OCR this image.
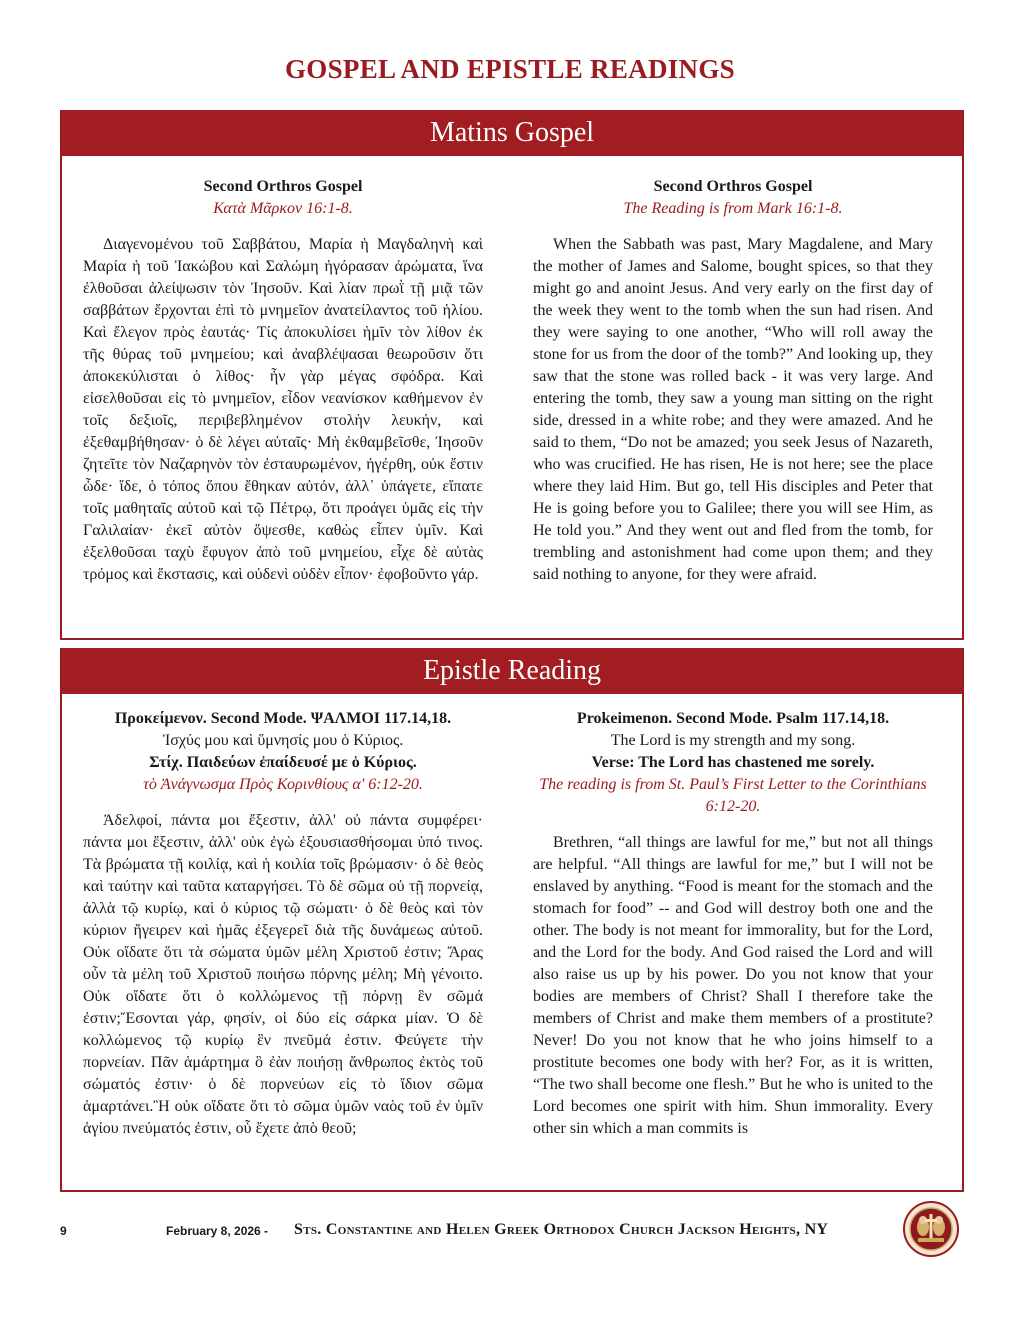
GOSPEL AND EPISTLE READINGS
Matins Gospel
Second Orthros Gospel
Κατὰ Μᾶρκον 16:1-8.
Διαγενομένου τοῦ Σαββάτου, Μαρία ἡ Μαγδαληνὴ καὶ Μαρία ἡ τοῦ Ἰακώβου καὶ Σαλώμη ἠγόρασαν ἀρώματα, ἵνα ἐλθοῦσαι ἀλείψωσιν τὸν Ἰησοῦν. Καὶ λίαν πρωῒ τῇ μιᾷ τῶν σαββάτων ἔρχονται ἐπὶ τὸ μνημεῖον ἀνατείλαντος τοῦ ἡλίου. Καὶ ἔλεγον πρὸς ἑαυτάς· Τίς ἀποκυλίσει ἡμῖν τὸν λίθον ἐκ τῆς θύρας τοῦ μνημείου; καὶ ἀναβλέψασαι θεωροῦσιν ὅτι ἀποκεκύλισται ὁ λίθος· ἦν γὰρ μέγας σφόδρα. Καὶ εἰσελθοῦσαι εἰς τὸ μνημεῖον, εἶδον νεανίσκον καθήμενον ἐν τοῖς δεξιοῖς, περιβεβλημένον στολὴν λευκήν, καὶ ἐξεθαμβήθησαν· ὁ δὲ λέγει αὐταῖς· Μὴ ἐκθαμβεῖσθε, Ἰησοῦν ζητεῖτε τὸν Ναζαρηνὸν τὸν ἐσταυρωμένον, ἠγέρθη, οὐκ ἔστιν ὧδε· ἴδε, ὁ τόπος ὅπου ἔθηκαν αὐτόν, ἀλλ᾽ ὑπάγετε, εἴπατε τοῖς μαθηταῖς αὐτοῦ καὶ τῷ Πέτρῳ, ὅτι προάγει ὑμᾶς εἰς τὴν Γαλιλαίαν· ἐκεῖ αὐτὸν ὄψεσθε, καθὼς εἶπεν ὑμῖν. Καὶ ἐξελθοῦσαι ταχὺ ἔφυγον ἀπὸ τοῦ μνημείου, εἶχε δὲ αὐτὰς τρόμος καὶ ἔκστασις, καὶ οὐδενὶ οὐδὲν εἶπον· ἐφοβοῦντο γάρ.
Second Orthros Gospel
The Reading is from Mark 16:1-8.
When the Sabbath was past, Mary Magdalene, and Mary the mother of James and Salome, bought spices, so that they might go and anoint Jesus. And very early on the first day of the week they went to the tomb when the sun had risen. And they were saying to one another, “Who will roll away the stone for us from the door of the tomb?” And looking up, they saw that the stone was rolled back - it was very large. And entering the tomb, they saw a young man sitting on the right side, dressed in a white robe; and they were amazed. And he said to them, “Do not be amazed; you seek Jesus of Nazareth, who was crucified. He has risen, He is not here; see the place where they laid Him. But go, tell His disciples and Peter that He is going before you to Galilee; there you will see Him, as He told you.” And they went out and fled from the tomb, for trembling and astonishment had come upon them; and they said nothing to anyone, for they were afraid.
Epistle Reading
Προκείμενον. Second Mode. ΨΑΛΜΟΙ 117.14,18.
Ἰσχύς μου καὶ ὕμνησίς μου ὁ Κύριος.
Στίχ. Παιδεύων ἐπαίδευσέ με ὁ Κύριος.
τὸ Ἀνάγνωσμα Πρὸς Κορινθίους α' 6:12-20.
Ἀδελφοί, πάντα μοι ἔξεστιν, ἀλλ' οὐ πάντα συμφέρει· πάντα μοι ἔξεστιν, ἀλλ' οὐκ ἐγὼ ἐξουσιασθήσομαι ὑπό τινος. Τὰ βρώματα τῇ κοιλίᾳ, καὶ ἡ κοιλία τοῖς βρώμασιν· ὁ δὲ θεὸς καὶ ταύτην καὶ ταῦτα καταργήσει. Τὸ δὲ σῶμα οὐ τῇ πορνείᾳ, ἀλλὰ τῷ κυρίῳ, καὶ ὁ κύριος τῷ σώματι· ὁ δὲ θεὸς καὶ τὸν κύριον ἤγειρεν καὶ ἡμᾶς ἐξεγερεῖ διὰ τῆς δυνάμεως αὐτοῦ. Οὐκ οἴδατε ὅτι τὰ σώματα ὑμῶν μέλη Χριστοῦ ἐστιν; Ἄρας οὖν τὰ μέλη τοῦ Χριστοῦ ποιήσω πόρνης μέλη; Μὴ γένοιτο. Οὐκ οἴδατε ὅτι ὁ κολλώμενος τῇ πόρνῃ ἓν σῶμά ἐστιν;Ἔσονται γάρ, φησίν, οἱ δύο εἰς σάρκα μίαν. Ὁ δὲ κολλώμενος τῷ κυρίῳ ἓν πνεῦμά ἐστιν. Φεύγετε τὴν πορνείαν. Πᾶν ἁμάρτημα ὃ ἐὰν ποιήσῃ ἄνθρωπος ἐκτὸς τοῦ σώματός ἐστιν· ὁ δὲ πορνεύων εἰς τὸ ἴδιον σῶμα ἁμαρτάνει.Ἢ οὐκ οἴδατε ὅτι τὸ σῶμα ὑμῶν ναὸς τοῦ ἐν ὑμῖν ἁγίου πνεύματός ἐστιν, οὗ ἔχετε ἀπὸ θεοῦ;
Prokeimenon. Second Mode. Psalm 117.14,18.
The Lord is my strength and my song.
Verse: The Lord has chastened me sorely.
The reading is from St. Paul’s First Letter to the Corinthians 6:12-20.
Brethren, “all things are lawful for me,” but not all things are helpful. “All things are lawful for me,” but I will not be enslaved by anything. “Food is meant for the stomach and the stomach for food” -- and God will destroy both one and the other. The body is not meant for immorality, but for the Lord, and the Lord for the body. And God raised the Lord and will also raise us up by his power. Do you not know that your bodies are members of Christ? Shall I therefore take the members of Christ and make them members of a prostitute? Never! Do you not know that he who joins himself to a prostitute becomes one body with her? For, as it is written, “The two shall become one flesh.” But he who is united to the Lord becomes one spirit with him. Shun immorality. Every other sin which a man commits is
9	February 8, 2026 - Sts. Constantine and Helen Greek Orthodox Church Jackson Heights, NY
